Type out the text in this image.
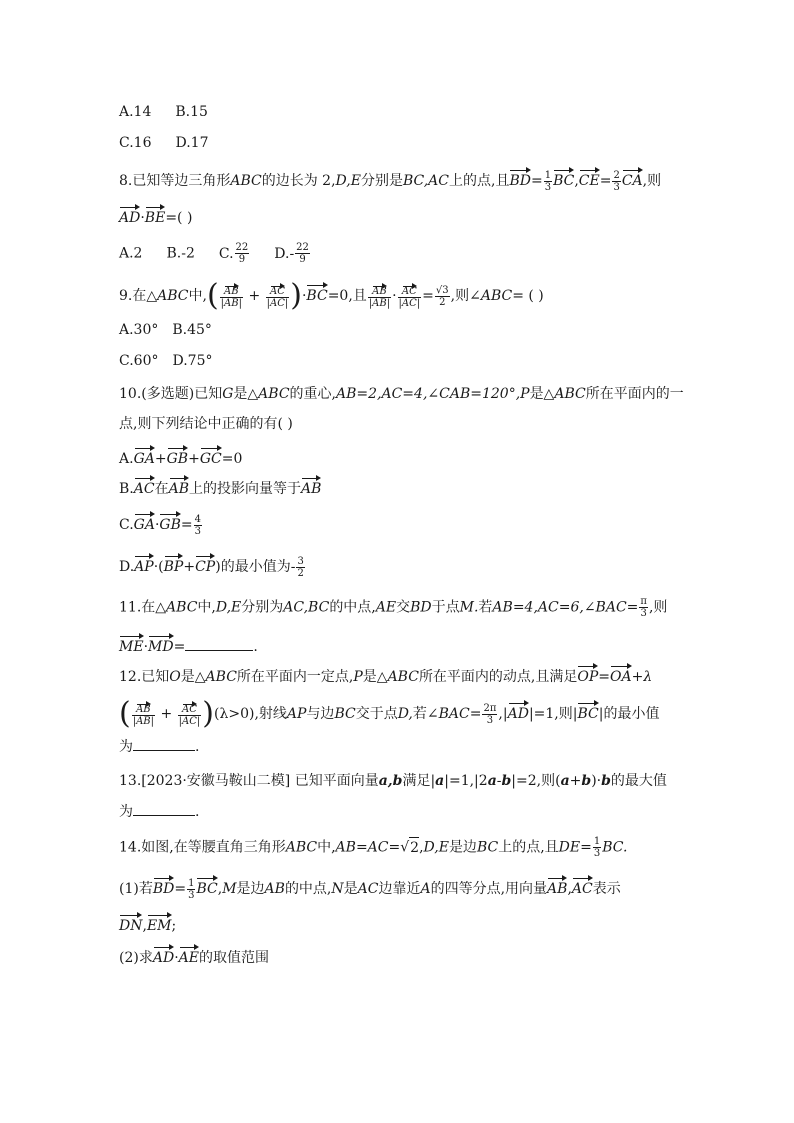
A.14 B.15
C.16 D.17
8.已知等边三角形ABC的边长为 2,D,E分别是BC,AC上的点,且$BD= \frac{1}{3} BC,CE= \frac{2}{3}$ CA,则
AD·BE=( )
A.2 B.-2 C. $\frac{22}{9} D.- \frac{22}{9}$
9.在△ABC中,( $\frac{AB}{|AB|} + \frac{AC}{|AC|} )\cdot BC=0$,且 $\frac{AB}{|AB|} \cdot \frac{AC}{|AC|} = \frac{√3}{2}$ ,则∠ABC= ( )
A.30° B.45°
C.60° D.75°
10.(多选题)已知G是△ABC的重心,AB=2,AC=4,∠CAB=120°,P是△ABC所在平面内的一
点,则下列结论中正确的有( )
A.GA+GB+GC=0
B.AC在AB上的投影向量等于AB
$C.GA\cdot GB= \frac{4}{3}$
D.AP·(BP+CP)的最小值为- $\frac{3}{2}$
11.在△ABC中,D,E分别为AC,BC的中点,AE交BD于点M.若AB=4,AC=6,∠BAC= $\frac{\pi}{3}$ ,则
ME·MD=	.
12.已知O是△ABC所在平面内一定点,P是△ABC所在平面内的动点,且满足OP=OA+λ
( $\frac{AB}{|AB|} + \frac{AC}{|AC|} )(\lambda>0)$,射线AP与边BC交于点D,若∠BAC= $\frac{2\pi}{3} ,|AD|=1$,则|BC|的最小值
为	.
13.[2023·安徽马鞍山二模] 已知平面向量a,b满足|a|=1,|2a-b|=2,则(a+b)·b的最大值
为	.
14.如图,在等腰直角三角形ABC中,AB=AC=√2,D,E是边BC上的点,且$DE= \frac{1}{3}$ BC.
(1)若$BD= \frac{1}{3} BC,M$是边AB的中点,N是AC边靠近A的四等分点,用向量AB,AC表示
DN,EM;
(2)求AD·AE的取值范围
